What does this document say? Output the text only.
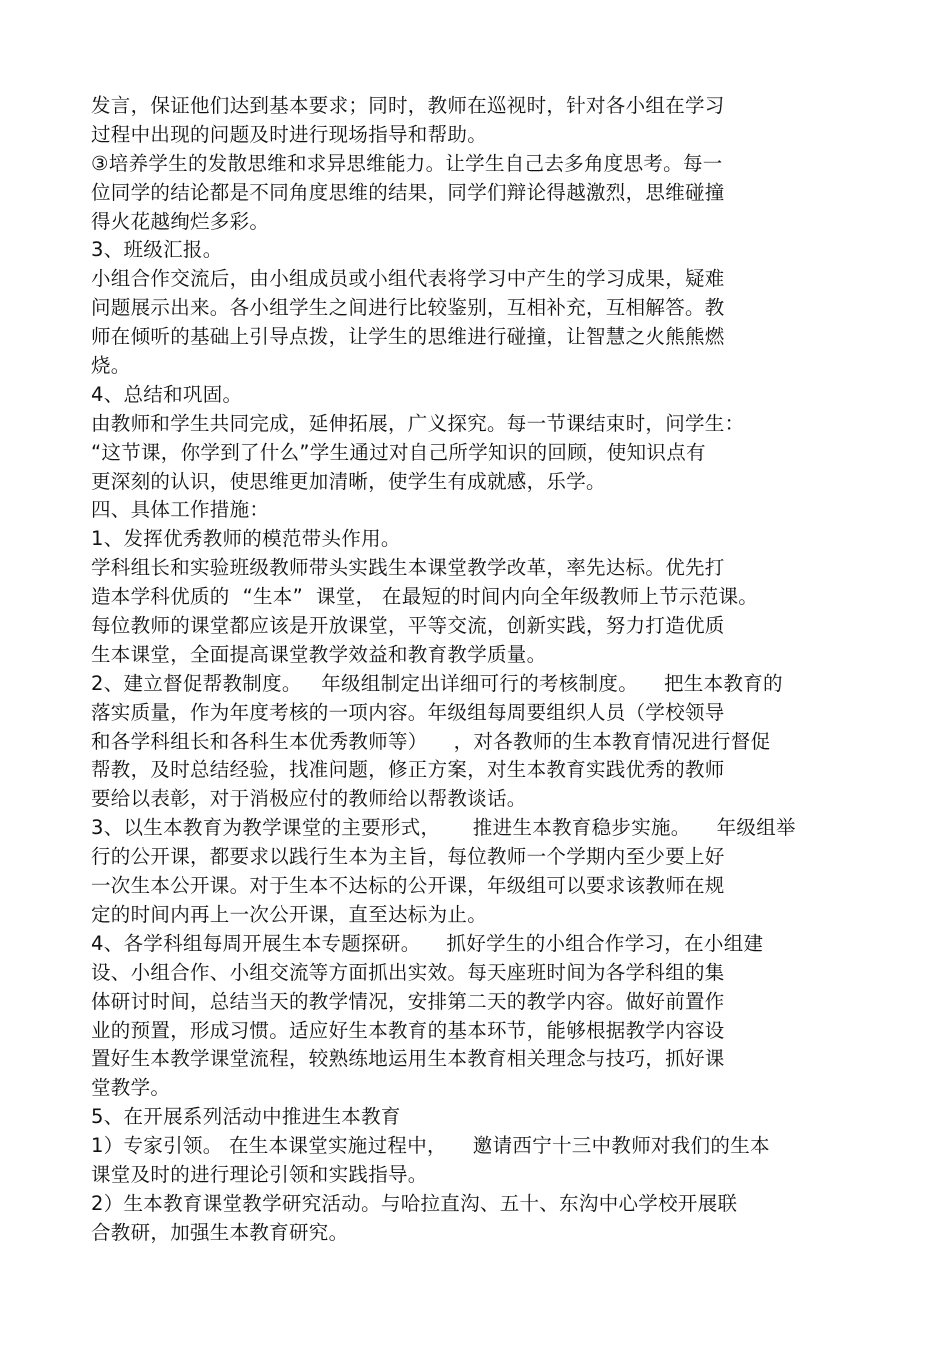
发言，保证他们达到基本要求；同时，教师在巡视时，针对各小组在学习
过程中出现的问题及时进行现场指导和帮助。
③培养学生的发散思维和求异思维能力。让学生自己去多角度思考。每一
位同学的结论都是不同角度思维的结果，同学们辩论得越激烈，思维碰撞
得火花越绚烂多彩。
3、班级汇报。
小组合作交流后，由小组成员或小组代表将学习中产生的学习成果，疑难
问题展示出来。各小组学生之间进行比较鉴别，互相补充，互相解答。教
师在倾听的基础上引导点拨，让学生的思维进行碰撞，让智慧之火熊熊燃
烧。
4、总结和巩固。
由教师和学生共同完成，延伸拓展，广义探究。每一节课结束时，问学生：
“这节课，你学到了什么”学生通过对自己所学知识的回顾，使知识点有
更深刻的认识，使思维更加清晰，使学生有成就感，乐学。
四、具体工作措施：
1、发挥优秀教师的模范带头作用。
学科组长和实验班级教师带头实践生本课堂教学改革，率先达标。优先打
造本学科优质的  “生本”  课堂， 在最短的时间内向全年级教师上节示范课。
每位教师的课堂都应该是开放课堂，平等交流，创新实践，努力打造优质
生本课堂，全面提高课堂教学效益和教育教学质量。
2、建立督促帮教制度。   年级组制定出详细可行的考核制度。    把生本教育的
落实质量，作为年度考核的一项内容。年级组每周要组织人员（学校领导
和各学科组长和各科生本优秀教师等）    ，对各教师的生本教育情况进行督促
帮教，及时总结经验，找准问题，修正方案，对生本教育实践优秀的教师
要给以表彰，对于消极应付的教师给以帮教谈话。
3、以生本教育为教学课堂的主要形式，     推进生本教育稳步实施。    年级组举
行的公开课，都要求以践行生本为主旨，每位教师一个学期内至少要上好
一次生本公开课。对于生本不达标的公开课，年级组可以要求该教师在规
定的时间内再上一次公开课，直至达标为止。
4、各学科组每周开展生本专题探研。    抓好学生的小组合作学习，在小组建
设、小组合作、小组交流等方面抓出实效。每天座班时间为各学科组的集
体研讨时间，总结当天的教学情况，安排第二天的教学内容。做好前置作
业的预置，形成习惯。适应好生本教育的基本环节，能够根据教学内容设
置好生本教学课堂流程，较熟练地运用生本教育相关理念与技巧，抓好课
堂教学。
5、在开展系列活动中推进生本教育
1）专家引领。 在生本课堂实施过程中，    邀请西宁十三中教师对我们的生本
课堂及时的进行理论引领和实践指导。
2）生本教育课堂教学研究活动。与哈拉直沟、五十、东沟中心学校开展联
合教研，加强生本教育研究。
